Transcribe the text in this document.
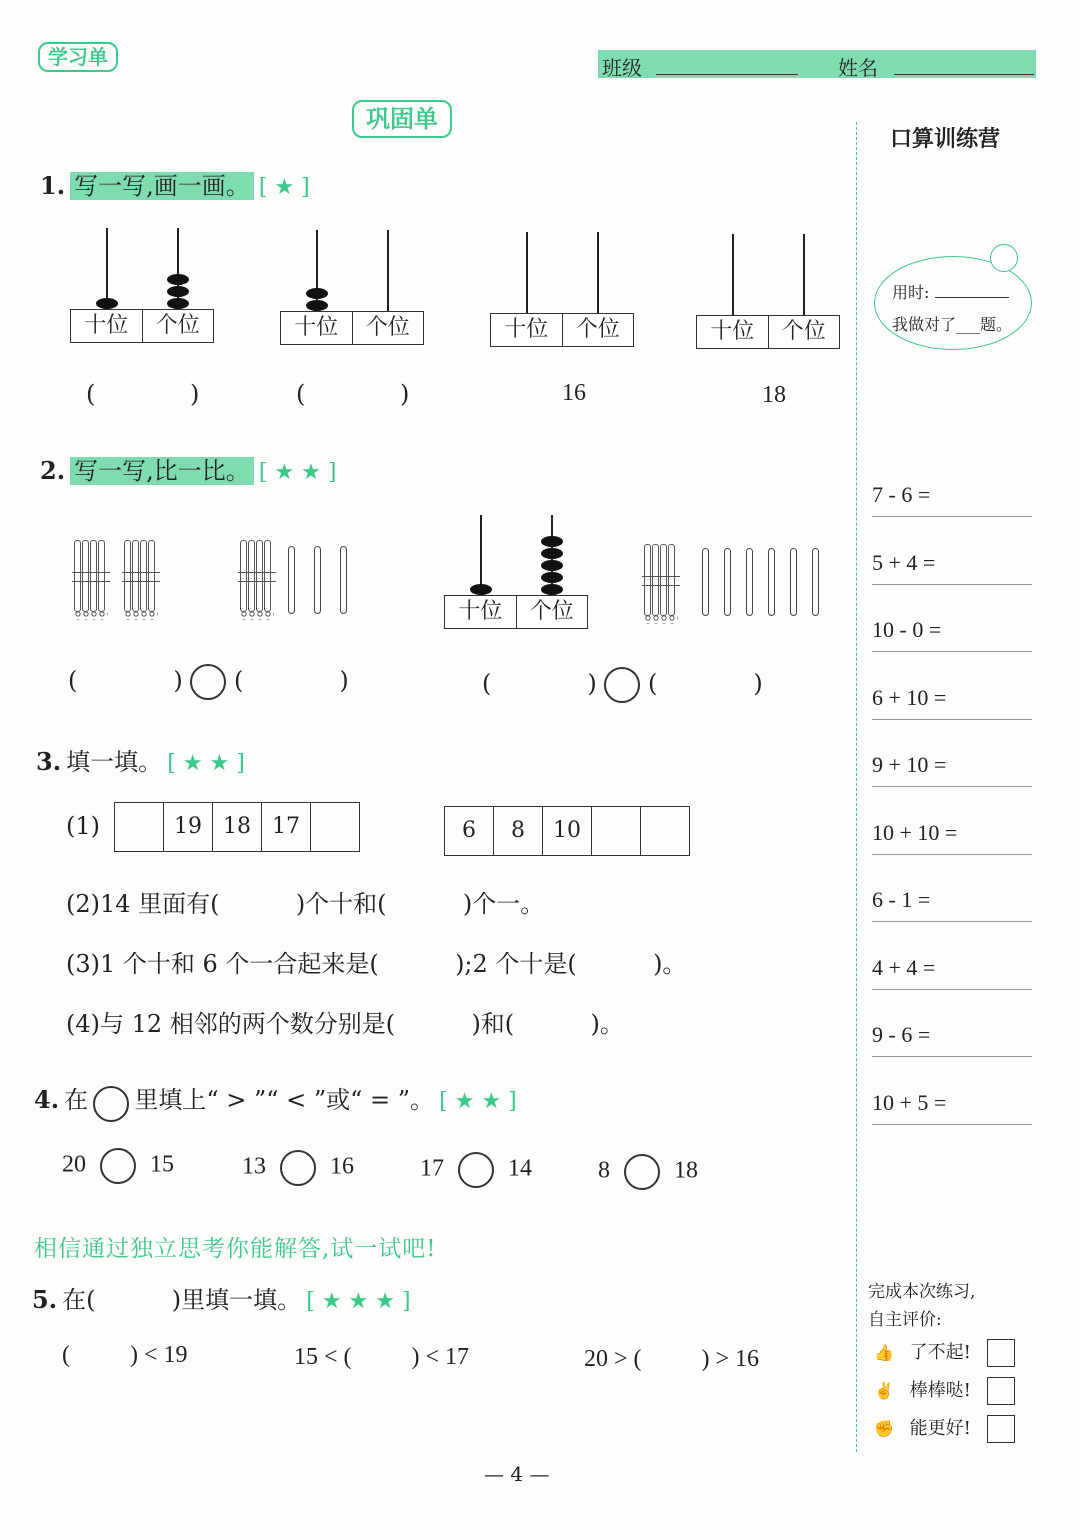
学习单	班级	姓名
巩固单
1. 写一写,画一画。 [ ★ ]
十位	个位	十位	个位	十位	个位	十位	个位
(	)	(	)	16	18
2. 写一写,比一比。 [ ★ ★ ]
十位	个位
(	) (	)	(	) (	)
3. 填一填。 [ ★ ★ ]
(1)	19 18 17	6	8	10
(2)14 里面有(          )个十和(          )个一。
(3)1 个十和 6 个一合起来是(          );2 个十是(          )。
(4)与 12 相邻的两个数分别是(          )和(          )。
4. 在 里填上“ > ”“ < ”或“ = ”。 [ ★ ★ ]
20	15	13	16	17	14	8	18
相信通过独立思考你能解答,试一试吧!
5. 在(          )里填一填。 [ ★ ★ ★ ]
(          ) < 19	15 < (          ) < 17	20 > (          ) > 16
口算训练营
用时:
我做对了___题。
7 - 6 =
5 + 4 =
10 - 0 =
6 + 10 =
9 + 10 =
10 + 10 =
6 - 1 =
4 + 4 =
9 - 6 =
10 + 5 =
完成本次练习,
自主评价:
👍 了不起!
✌ 棒棒哒!
✊ 能更好!
— 4 —
